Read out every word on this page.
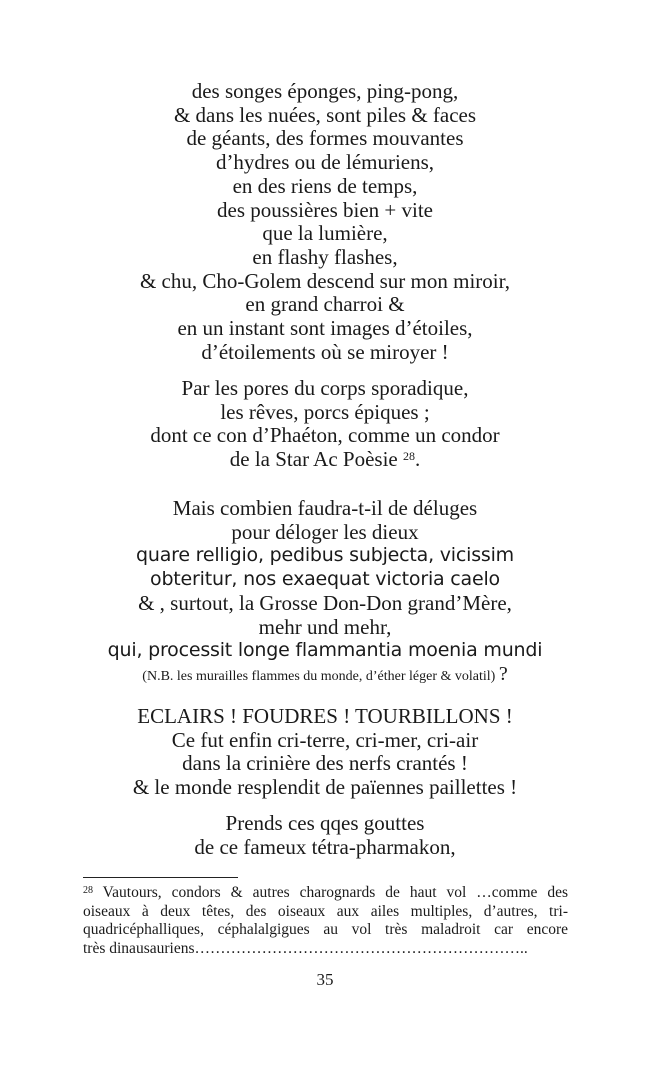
des songes éponges, ping-pong,
& dans les nuées, sont piles & faces
de géants, des formes mouvantes
d’hydres ou de lémuriens,
en des riens de temps,
des poussières bien + vite
que la lumière,
en flashy flashes,
& chu, Cho-Golem descend sur mon miroir,
en grand charroi &
en un instant sont images d’étoiles,
d’étoilements où se miroyer !
Par les pores du corps sporadique,
les rêves, porcs épiques ;
dont ce con d’Phaéton, comme un condor
de la Star Ac Poèsie $^{28}$.
Mais combien faudra-t-il de déluges
pour déloger les dieux
quare relligio, pedibus subjecta, vicissim
obteritur, nos exaequat victoria caelo
& , surtout, la Grosse Don-Don grand’Mère,
mehr und mehr,
qui, processit longe flammantia moenia mundi
(N.B. les murailles flammes du monde, d’éther léger & volatil) ?
ECLAIRS ! FOUDRES ! TOURBILLONS !
Ce fut enfin cri-terre, cri-mer, cri-air
dans la crinière des nerfs crantés !
& le monde resplendit de païennes paillettes !
Prends ces qqes gouttes
de ce fameux tétra-pharmakon,
$^{28}$ Vautours, condors & autres charognards de haut vol …comme des
oiseaux à deux têtes, des oiseaux aux ailes multiples, d’autres, tri-
quadricéphalliques, céphalalgigues au vol très maladroit car encore
très dinausauriens………………………………………………………..
35
